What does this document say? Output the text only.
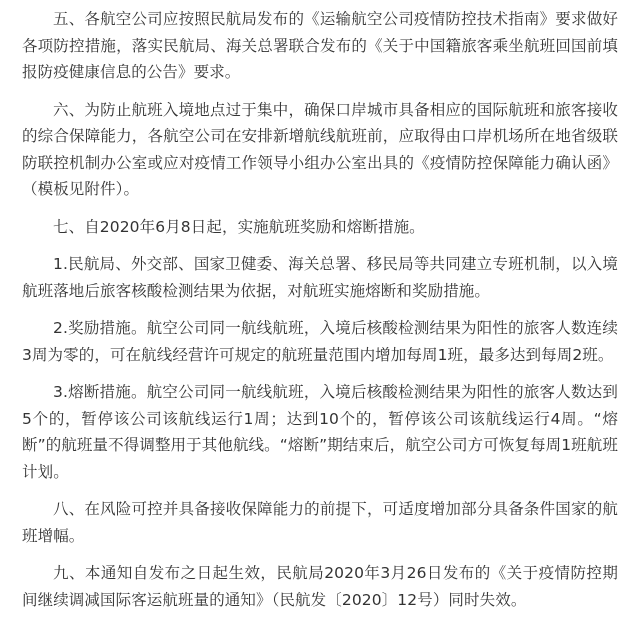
五、各航空公司应按照民航局发布的《运输航空公司疫情防控技术指南》要求做好各项防控措施，落实民航局、海关总署联合发布的《关于中国籍旅客乘坐航班回国前填报防疫健康信息的公告》要求。

六、为防止航班入境地点过于集中，确保口岸城市具备相应的国际航班和旅客接收的综合保障能力，各航空公司在安排新增航线航班前，应取得由口岸机场所在地省级联防联控机制办公室或应对疫情工作领导小组办公室出具的《疫情防控保障能力确认函》（模板见附件）。

七、自2020年6月8日起，实施航班奖励和熔断措施。

1.民航局、外交部、国家卫健委、海关总署、移民局等共同建立专班机制，以入境航班落地后旅客核酸检测结果为依据，对航班实施熔断和奖励措施。

2.奖励措施。航空公司同一航线航班，入境后核酸检测结果为阳性的旅客人数连续3周为零的，可在航线经营许可规定的航班量范围内增加每周1班，最多达到每周2班。

3.熔断措施。航空公司同一航线航班，入境后核酸检测结果为阳性的旅客人数达到5个的，暂停该公司该航线运行1周；达到10个的，暂停该公司该航线运行4周。“熔断”的航班量不得调整用于其他航线。“熔断”期结束后，航空公司方可恢复每周1班航班计划。

八、在风险可控并具备接收保障能力的前提下，可适度增加部分具备条件国家的航班增幅。

九、本通知自发布之日起生效，民航局2020年3月26日发布的《关于疫情防控期间继续调减国际客运航班量的通知》（民航发〔2020〕12号）同时失效。
